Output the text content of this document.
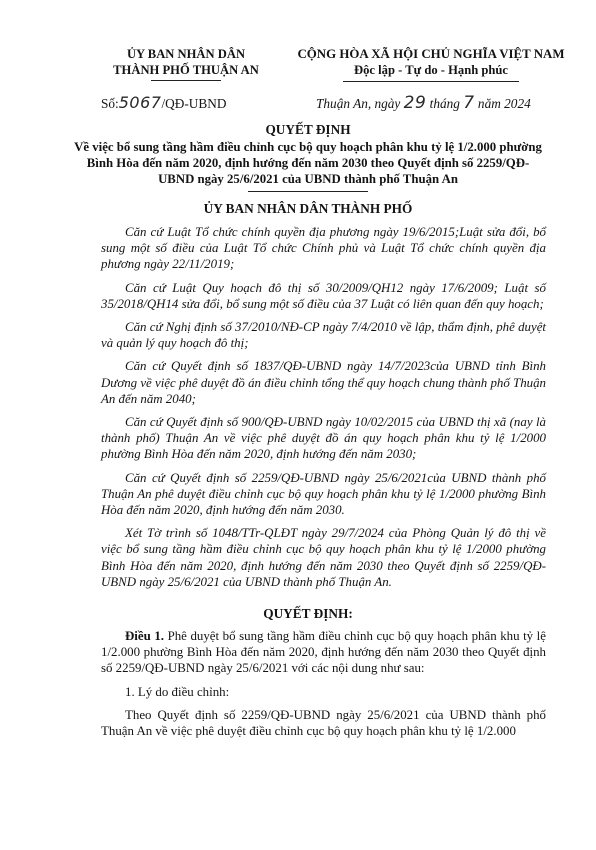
ỦY BAN NHÂN DÂN
THÀNH PHỐ THUẬN AN
CỘNG HÒA XÃ HỘI CHỦ NGHĨA VIỆT NAM
Độc lập - Tự do - Hạnh phúc
Số:5067/QĐ-UBND	Thuận An, ngày 29 tháng 7 năm 2024
QUYẾT ĐỊNH
Về việc bổ sung tầng hầm điều chỉnh cục bộ quy hoạch phân khu tỷ lệ 1/2.000 phường Bình Hòa đến năm 2020, định hướng đến năm 2030 theo Quyết định số 2259/QĐ-UBND ngày 25/6/2021 của UBND thành phố Thuận An
ỦY BAN NHÂN DÂN THÀNH PHỐ

Căn cứ Luật Tổ chức chính quyền địa phương ngày 19/6/2015;Luật sửa đổi, bổ sung một số điều của Luật Tổ chức Chính phủ và Luật Tổ chức chính quyền địa phương ngày 22/11/2019;

Căn cứ Luật Quy hoạch đô thị số 30/2009/QH12 ngày 17/6/2009; Luật số 35/2018/QH14 sửa đổi, bổ sung một số điều của 37 Luật có liên quan đến quy hoạch;

Căn cứ Nghị định số 37/2010/NĐ-CP ngày 7/4/2010 về lập, thẩm định, phê duyệt và quản lý quy hoạch đô thị;

Căn cứ Quyết định số 1837/QĐ-UBND ngày 14/7/2023của UBND tỉnh Bình Dương về việc phê duyệt đồ án điều chỉnh tổng thể quy hoạch chung thành phố Thuận An đến năm 2040;

Căn cứ Quyết định số 900/QĐ-UBND ngày 10/02/2015 của UBND thị xã (nay là thành phố) Thuận An về việc phê duyệt đồ án quy hoạch phân khu tỷ lệ 1/2000 phường Bình Hòa đến năm 2020, định hướng đến năm 2030;

Căn cứ Quyết định số 2259/QĐ-UBND ngày 25/6/2021của UBND thành phố Thuận An phê duyệt điều chỉnh cục bộ quy hoạch phân khu tỷ lệ 1/2000 phường Bình Hòa đến năm 2020, định hướng đến năm 2030.

Xét Tờ trình số 1048/TTr-QLĐT ngày 29/7/2024 của Phòng Quản lý đô thị về việc bổ sung tầng hầm điều chỉnh cục bộ quy hoạch phân khu tỷ lệ 1/2000 phường Bình Hòa đến năm 2020, định hướng đến năm 2030 theo Quyết định số 2259/QĐ-UBND ngày 25/6/2021 của UBND thành phố Thuận An.

QUYẾT ĐỊNH:

Điều 1. Phê duyệt bổ sung tầng hầm điều chỉnh cục bộ quy hoạch phân khu tỷ lệ 1/2.000 phường Bình Hòa đến năm 2020, định hướng đến năm 2030 theo Quyết định số 2259/QĐ-UBND ngày 25/6/2021 với các nội dung như sau:

1. Lý do điều chỉnh:

Theo Quyết định số 2259/QĐ-UBND ngày 25/6/2021 của UBND thành phố Thuận An về việc phê duyệt điều chỉnh cục bộ quy hoạch phân khu tỷ lệ 1/2.000
